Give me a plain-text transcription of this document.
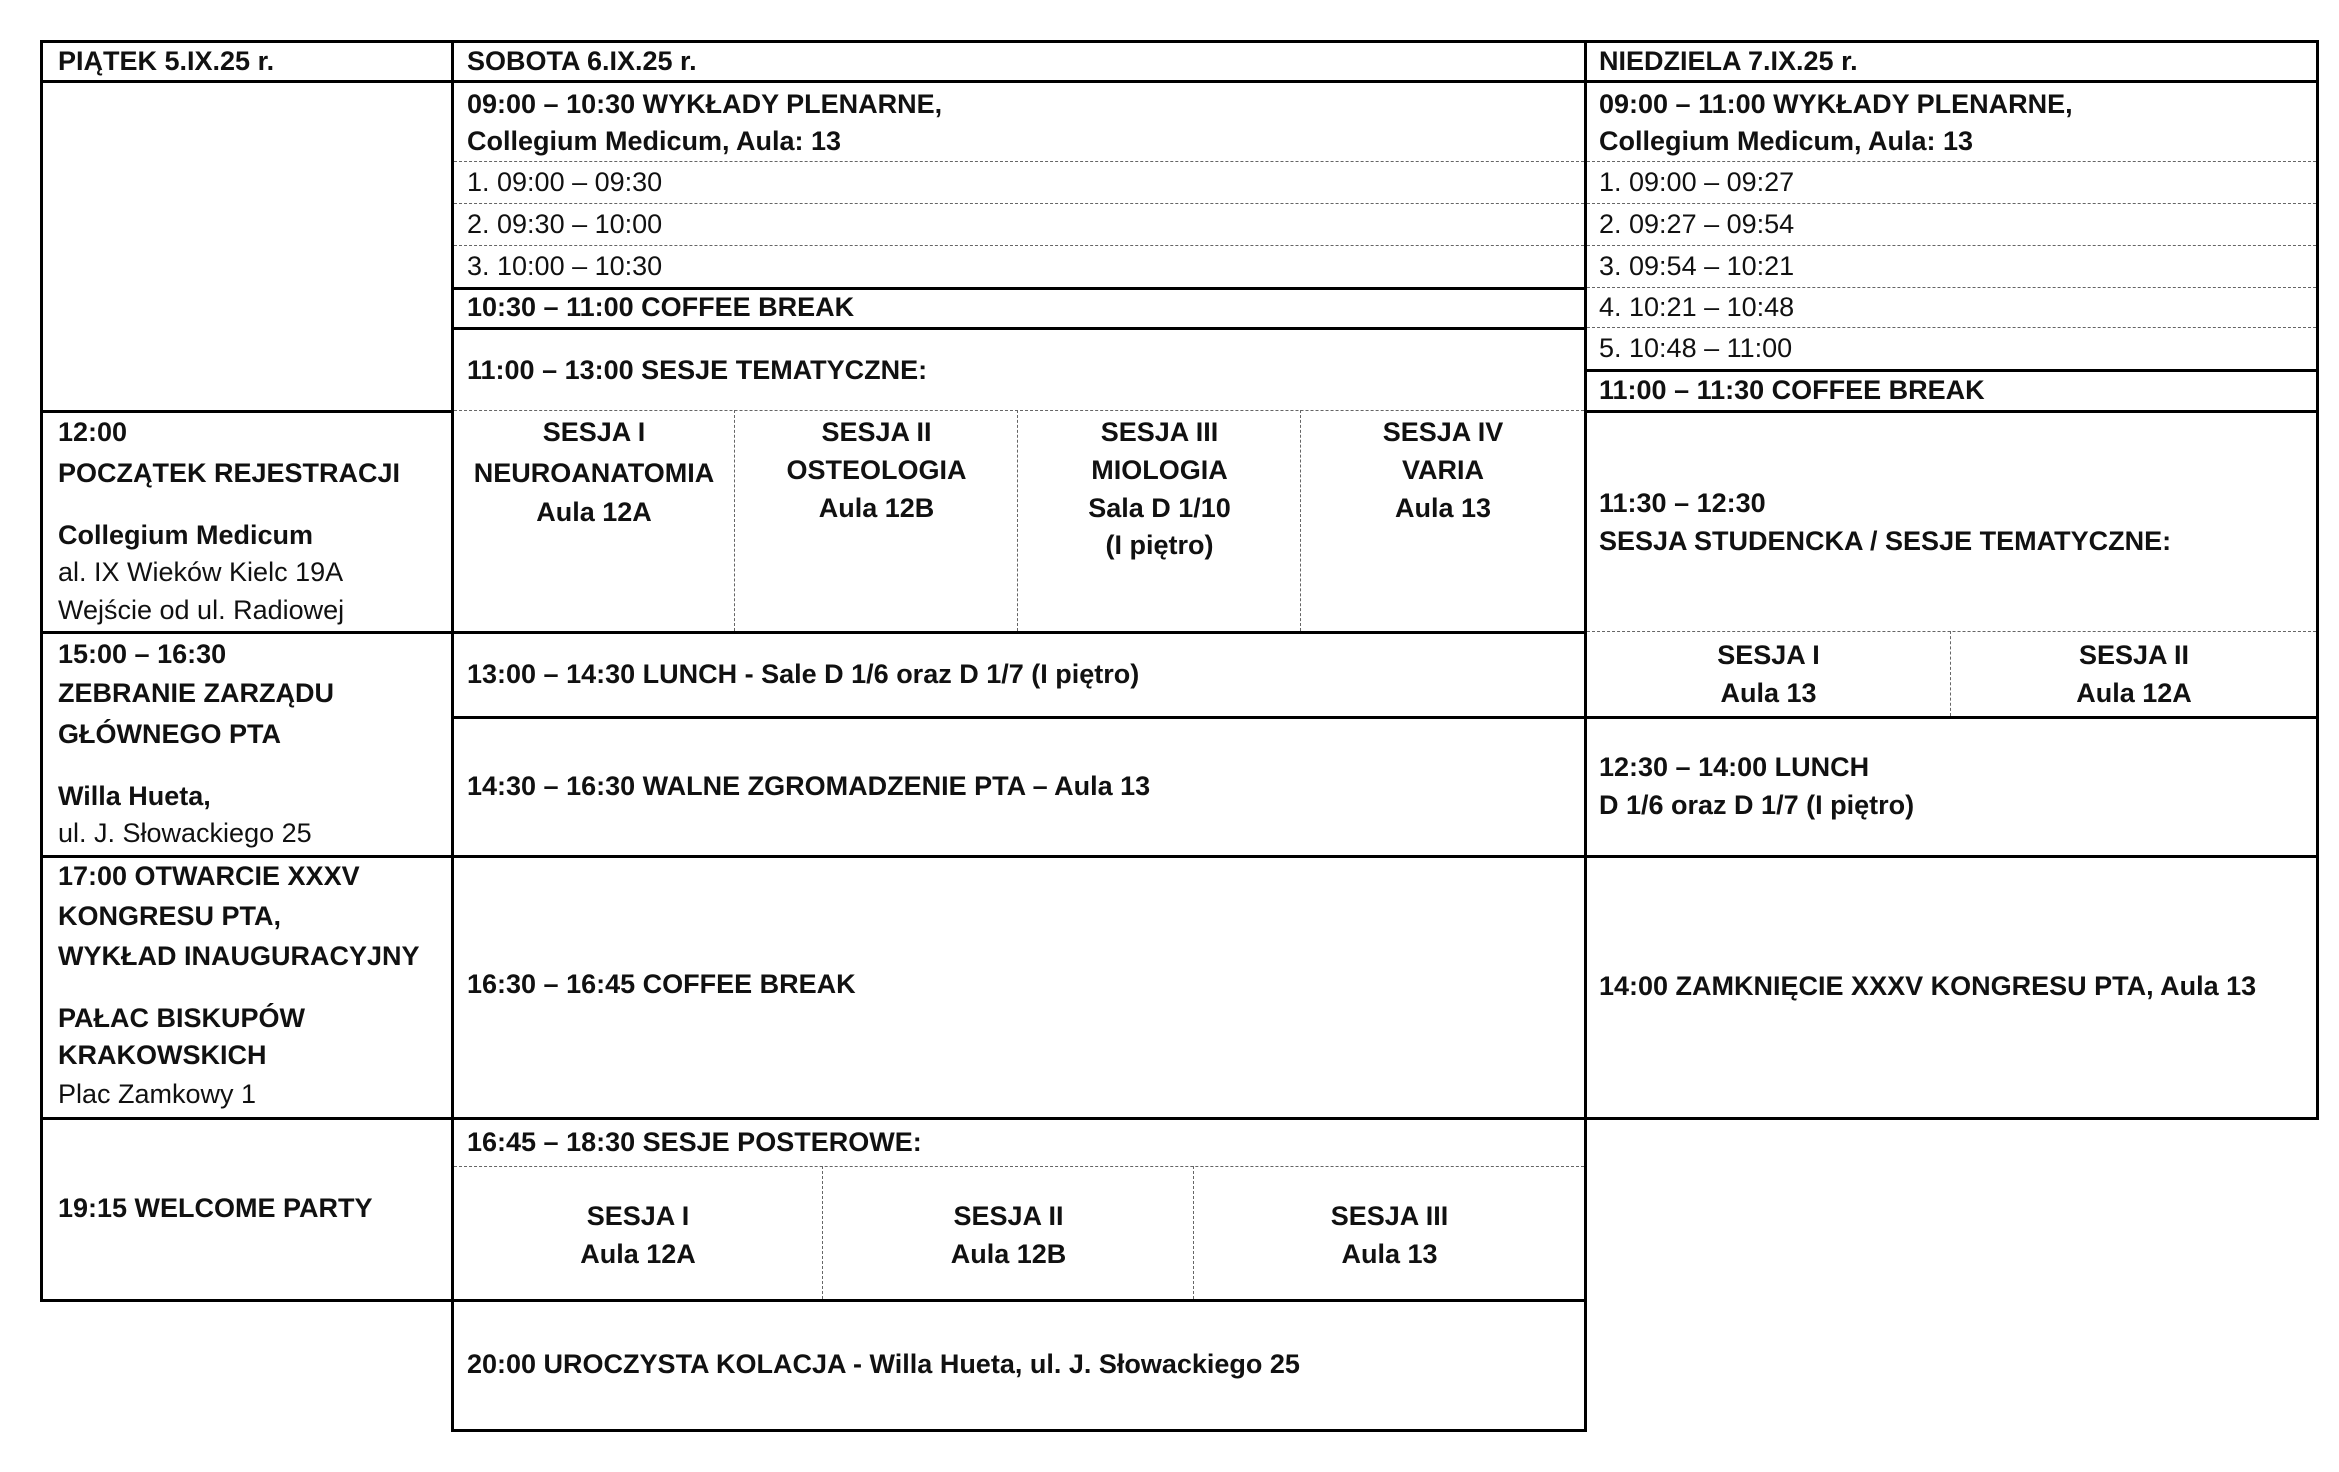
PIĄTEK 5.IX.25 r.	SOBOTA 6.IX.25 r.	NIEDZIELA 7.IX.25 r.
12:00
POCZĄTEK REJESTRACJI
Collegium Medicum
al. IX Wieków Kielc 19A
Wejście od ul. Radiowej
15:00 – 16:30
ZEBRANIE ZARZĄDU
GŁÓWNEGO PTA
Willa Hueta,
ul. J. Słowackiego 25
17:00 OTWARCIE XXXV
KONGRESU PTA,
WYKŁAD INAUGURACYJNY
PAŁAC BISKUPÓW
KRAKOWSKICH
Plac Zamkowy 1
19:15 WELCOME PARTY
09:00 – 10:30 WYKŁADY PLENARNE,
Collegium Medicum, Aula: 13
1. 09:00 – 09:30
2. 09:30 – 10:00
3. 10:00 – 10:30
10:30 – 11:00 COFFEE BREAK
11:00 – 13:00 SESJE TEMATYCZNE:
SESJA I
NEUROANATOMIA
Aula 12A
SESJA II
OSTEOLOGIA
Aula 12B
SESJA III
MIOLOGIA
Sala D 1/10
(I piętro)
SESJA IV
VARIA
Aula 13
13:00 – 14:30 LUNCH - Sale D 1/6 oraz D 1/7 (I piętro)
14:30 – 16:30 WALNE ZGROMADZENIE PTA – Aula 13
16:30 – 16:45 COFFEE BREAK
16:45 – 18:30 SESJE POSTEROWE:
SESJA I
Aula 12A
SESJA II
Aula 12B
SESJA III
Aula 13
20:00 UROCZYSTA KOLACJA - Willa Hueta, ul. J. Słowackiego 25
09:00 – 11:00 WYKŁADY PLENARNE,
Collegium Medicum, Aula: 13
1. 09:00 – 09:27
2. 09:27 – 09:54
3. 09:54 – 10:21
4. 10:21 – 10:48
5. 10:48 – 11:00
11:00 – 11:30 COFFEE BREAK
11:30 – 12:30
SESJA STUDENCKA / SESJE TEMATYCZNE:
SESJA I
Aula 13
SESJA II
Aula 12A
12:30 – 14:00 LUNCH
D 1/6 oraz D 1/7 (I piętro)
14:00 ZAMKNIĘCIE XXXV KONGRESU PTA, Aula 13
